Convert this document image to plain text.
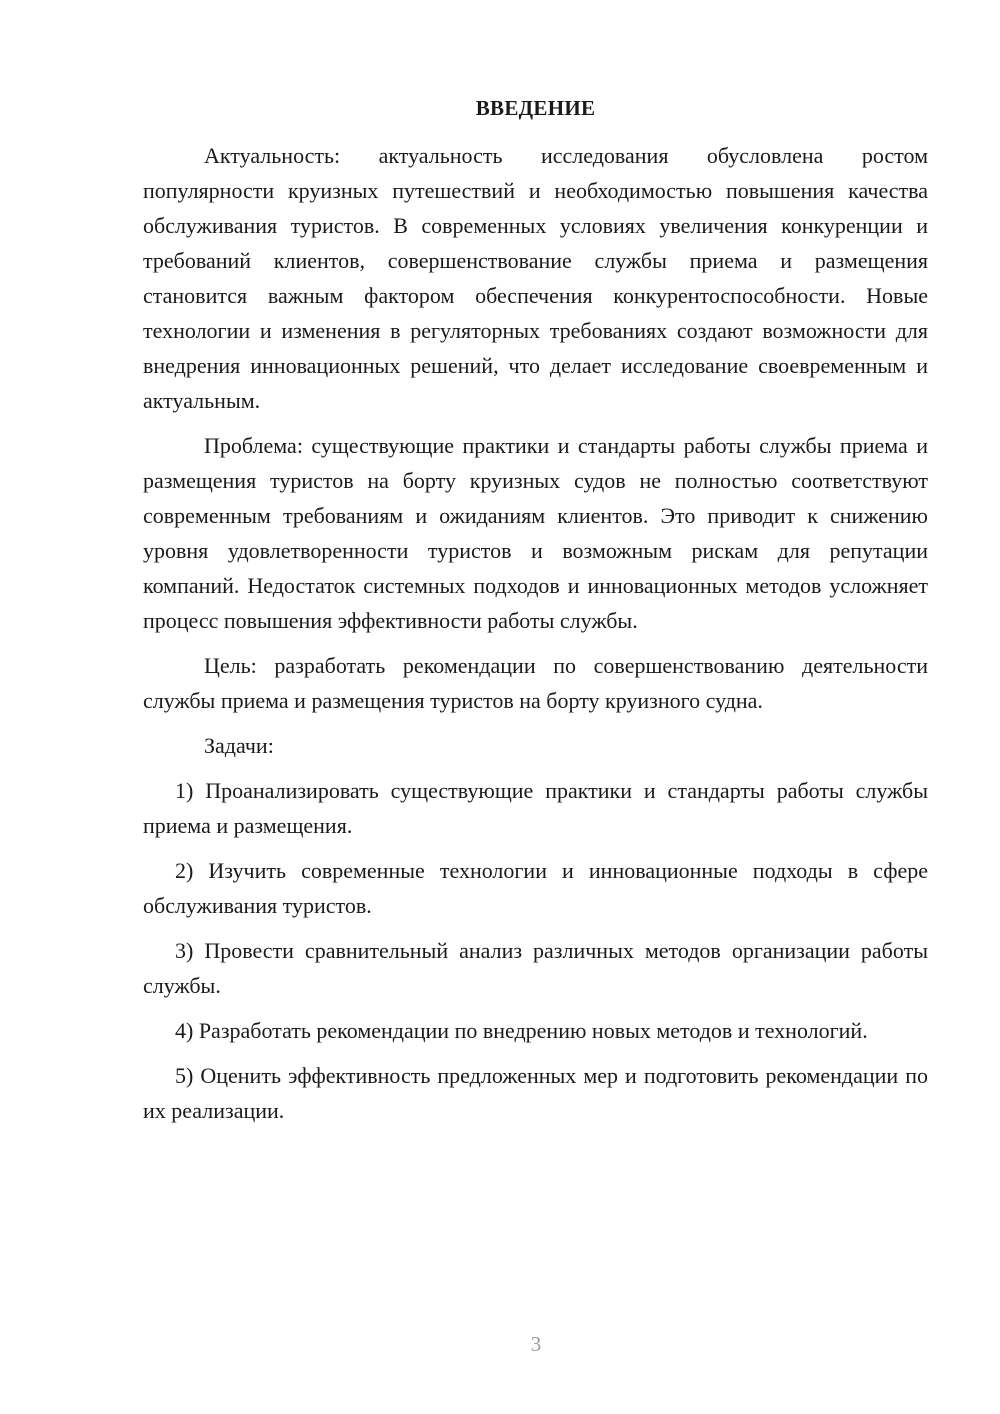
ВВЕДЕНИЕ

Актуальность: актуальность исследования обусловлена ростом популярности круизных путешествий и необходимостью повышения качества обслуживания туристов. В современных условиях увеличения конкуренции и требований клиентов, совершенствование службы приема и размещения становится важным фактором обеспечения конкурентоспособности. Новые технологии и изменения в регуляторных требованиях создают возможности для внедрения инновационных решений, что делает исследование своевременным и актуальным.

Проблема: существующие практики и стандарты работы службы приема и размещения туристов на борту круизных судов не полностью соответствуют современным требованиям и ожиданиям клиентов. Это приводит к снижению уровня удовлетворенности туристов и возможным рискам для репутации компаний. Недостаток системных подходов и инновационных методов усложняет процесс повышения эффективности работы службы.

Цель: разработать рекомендации по совершенствованию деятельности службы приема и размещения туристов на борту круизного судна.

Задачи:

1) Проанализировать существующие практики и стандарты работы службы приема и размещения.

2) Изучить современные технологии и инновационные подходы в сфере обслуживания туристов.

3) Провести сравнительный анализ различных методов организации работы службы.

4) Разработать рекомендации по внедрению новых методов и технологий.

5) Оценить эффективность предложенных мер и подготовить рекомендации по их реализации.

3
